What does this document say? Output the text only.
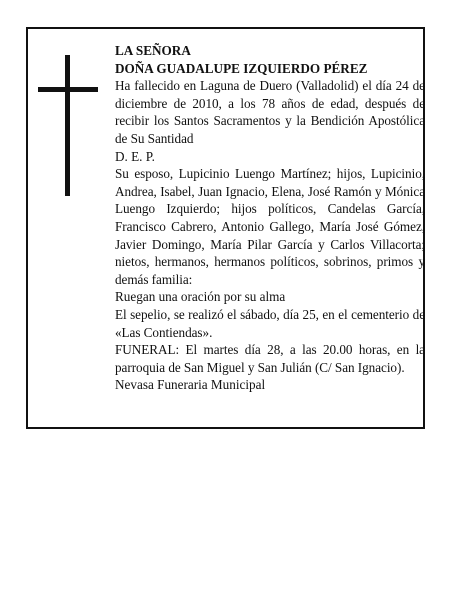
LA SEÑORA

DOÑA GUADALUPE IZQUIERDO PÉREZ

Ha fallecido en Laguna de Duero (Valladolid) el día 24 de diciembre de 2010, a los 78 años de edad, después de recibir los Santos Sacramentos y la Bendición Apostólica de Su Santidad

D. E. P.

Su esposo, Lupicinio Luengo Martínez; hijos, Lupicinio, Andrea, Isabel, Juan Ignacio, Elena, José Ramón y Mónica Luengo Izquierdo; hijos políticos, Candelas García, Francisco Cabrero, Antonio Gallego, María José Gómez, Javier Domingo, María Pilar García y Carlos Villacorta; nietos, hermanos, hermanos políticos, sobrinos, primos y demás familia:

Ruegan una oración por su alma

El sepelio, se realizó el sábado, día 25, en el cementerio de «Las Contiendas».

FUNERAL: El martes día 28, a las 20.00 horas, en la parroquia de San Miguel y San Julián (C/ San Ignacio).

Nevasa Funeraria Municipal
